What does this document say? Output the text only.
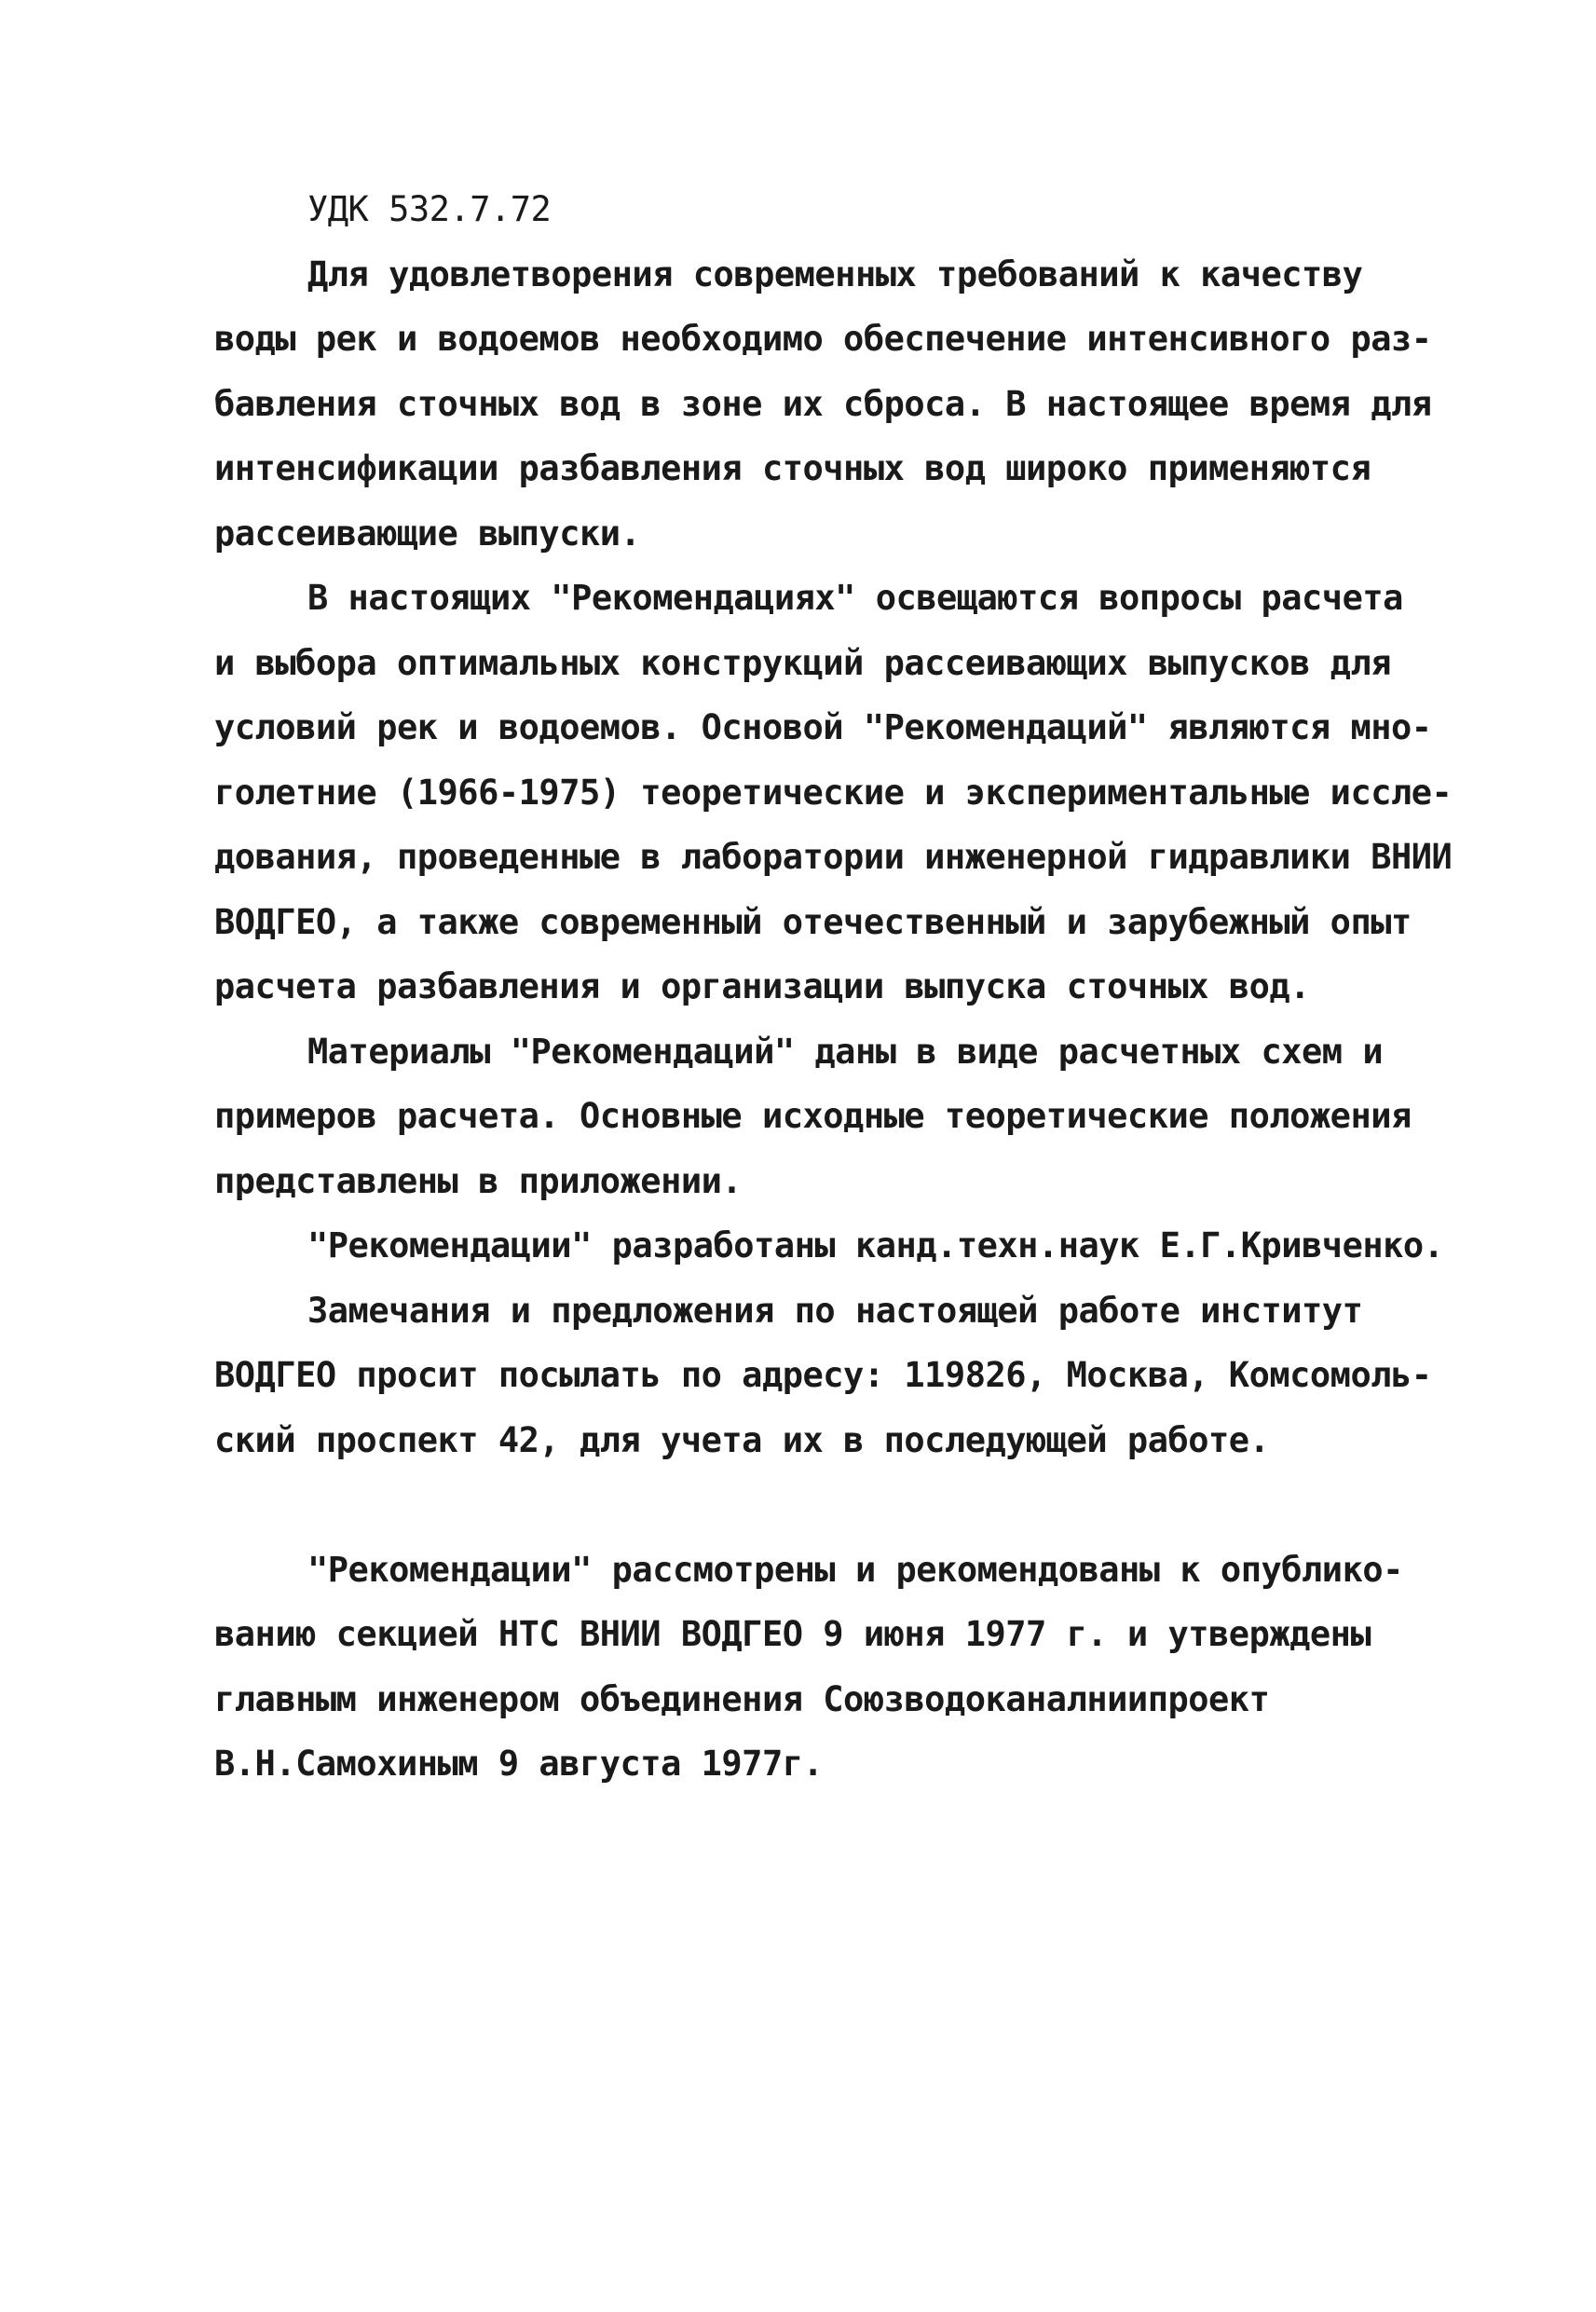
УДК 532.7.72
Для удовлетворения современных требований к качеству
воды рек и водоемов необходимо обеспечение интенсивного раз-
бавления сточных вод в зоне их сброса. В настоящее время для
интенсификации разбавления сточных вод широко применяются
рассеивающие выпуски.
В настоящих "Рекомендациях" освещаются вопросы расчета
и выбора оптимальных конструкций рассеивающих выпусков для
условий рек и водоемов. Основой "Рекомендаций" являются мно-
голетние (1966-1975) теоретические и экспериментальные иссле-
дования, проведенные в лаборатории инженерной гидравлики ВНИИ
ВОДГЕО, а также современный отечественный и зарубежный опыт
расчета разбавления и организации выпуска сточных вод.
Материалы "Рекомендаций" даны в виде расчетных схем и
примеров расчета. Основные исходные теоретические положения
представлены в приложении.
"Рекомендации" разработаны канд.техн.наук Е.Г.Кривченко.
Замечания и предложения по настоящей работе институт
ВОДГЕО просит посылать по адресу: 119826, Москва, Комсомоль-
ский проспект 42, для учета их в последующей работе.
"Рекомендации" рассмотрены и рекомендованы к опублико-
ванию секцией НТС ВНИИ ВОДГЕО 9 июня 1977 г. и утверждены
главным инженером объединения Союзводоканалниипроект
В.Н.Самохиным 9 августа 1977г.
